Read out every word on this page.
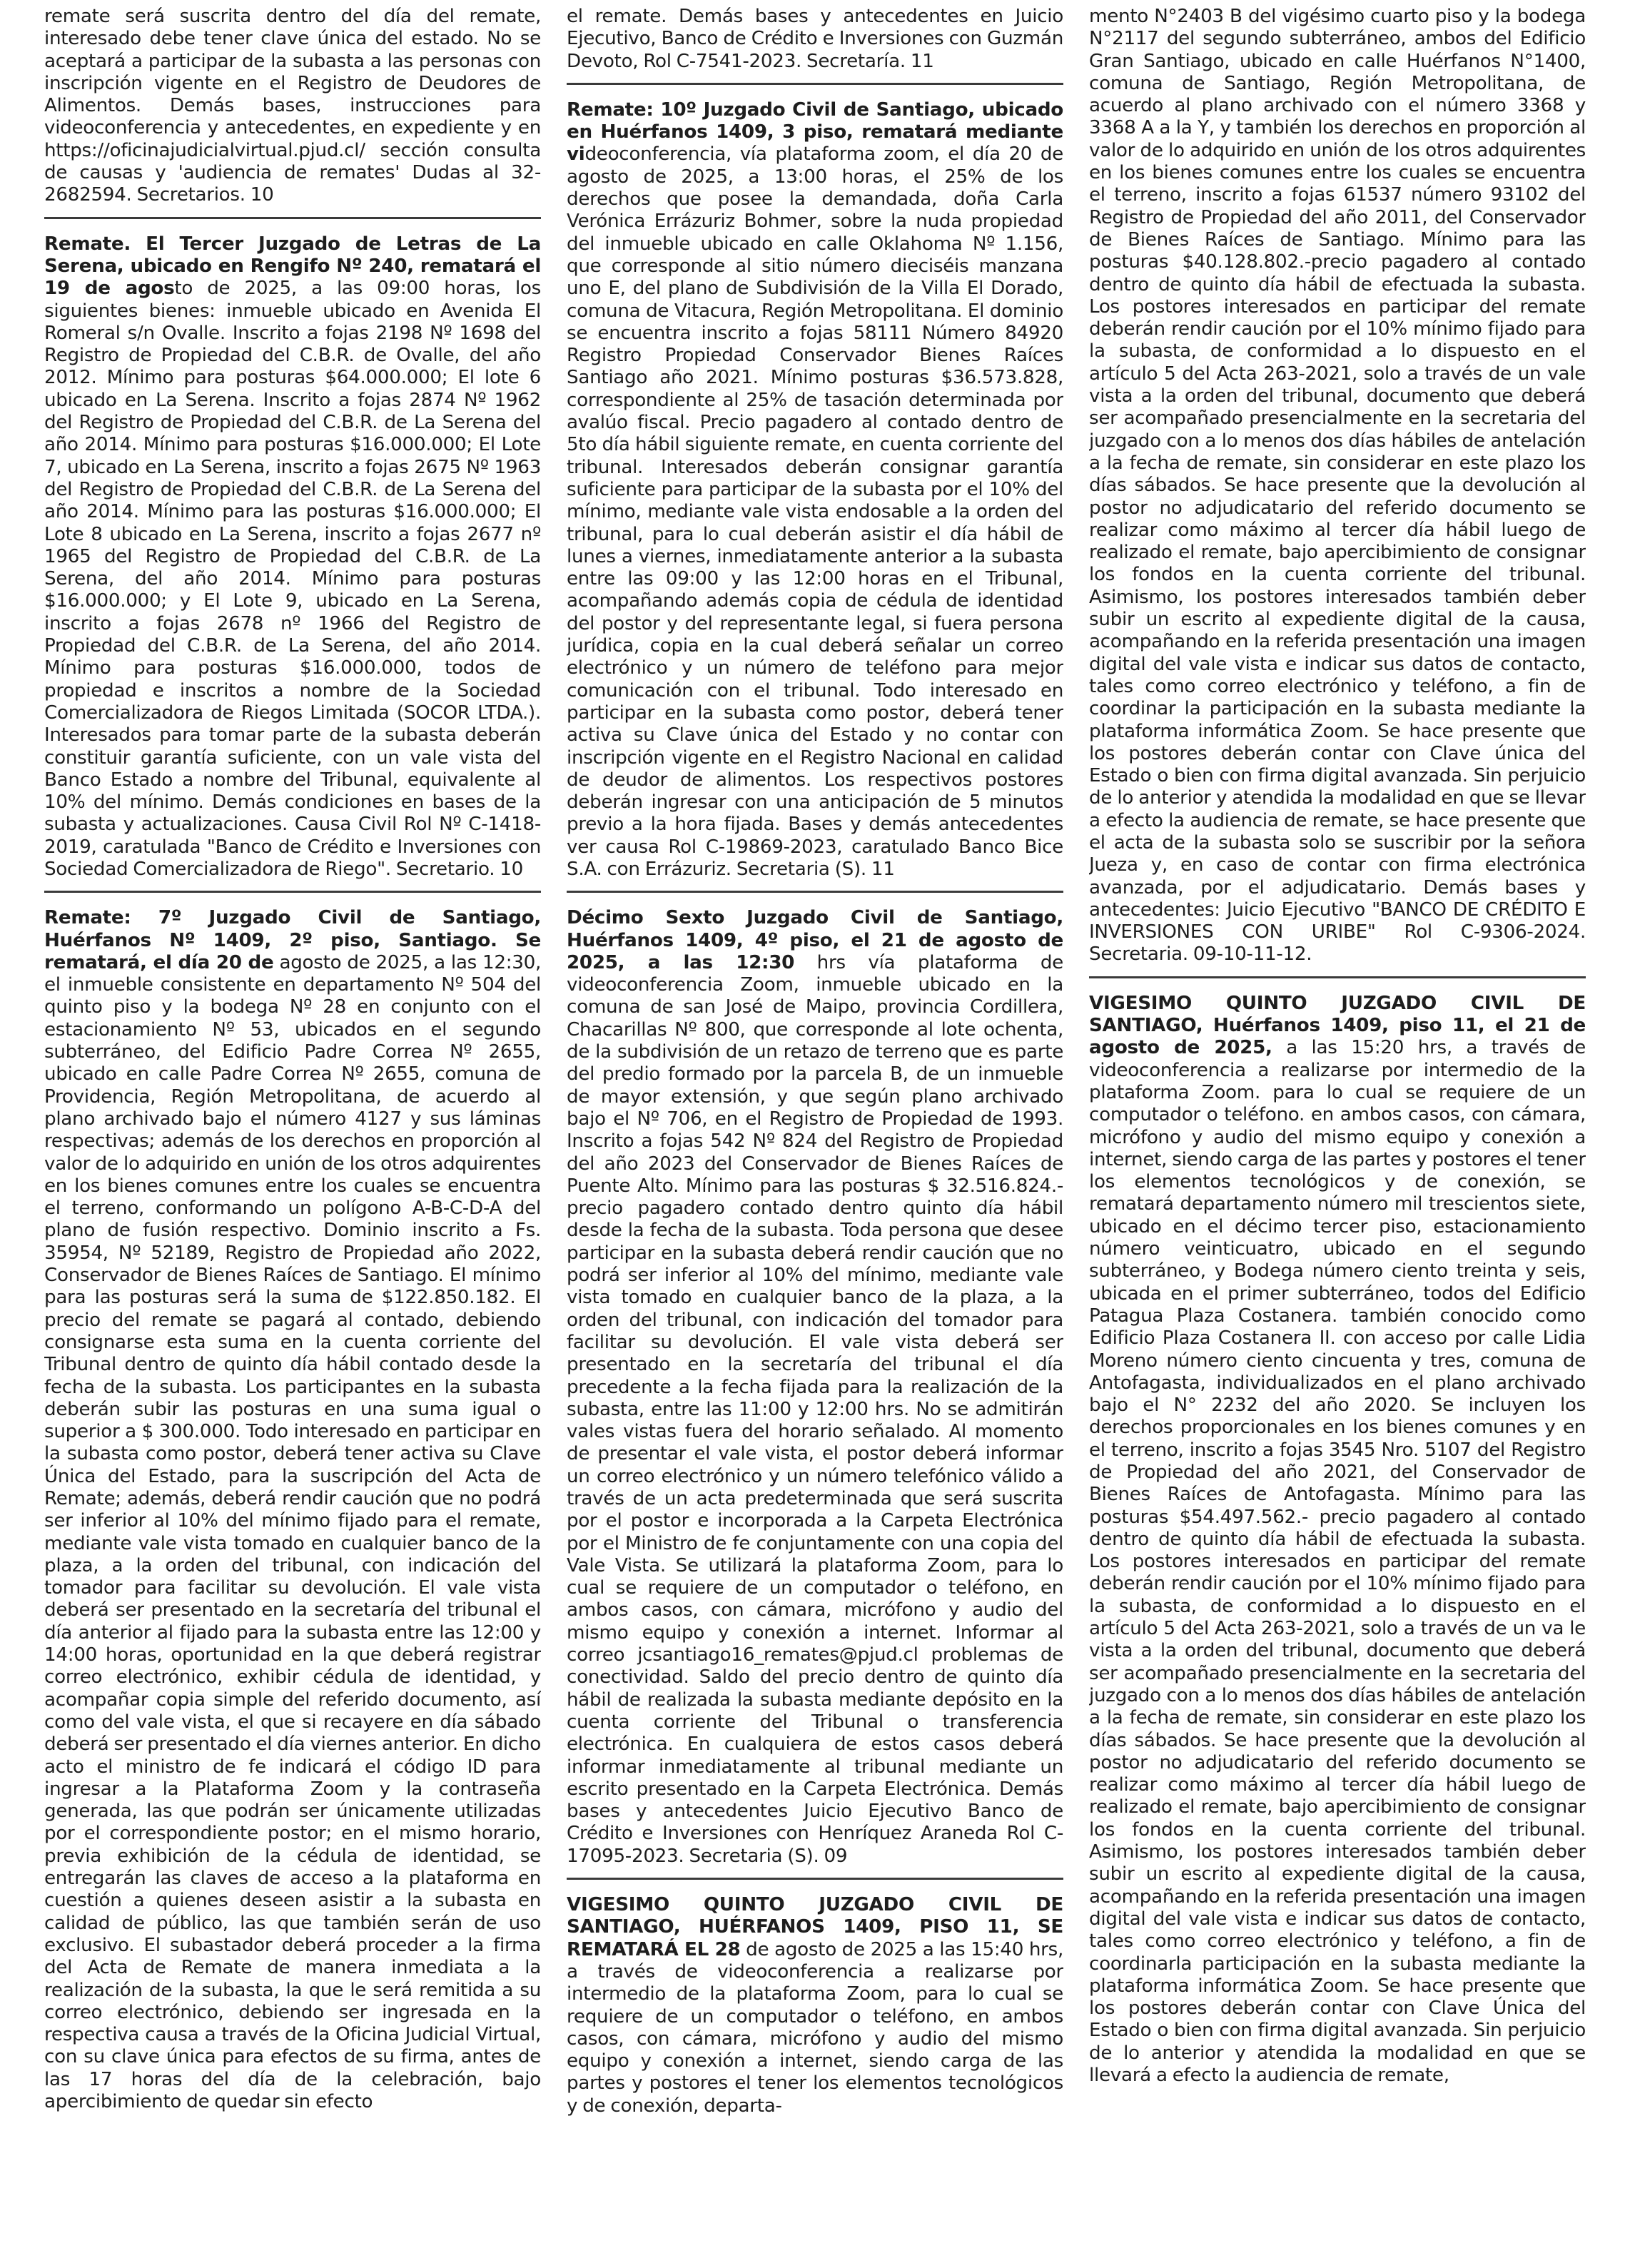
remate será suscrita dentro del día del remate, interesado debe tener clave única del estado. No se aceptará a participar de la subasta a las personas con inscripción vigente en el Registro de Deudores de Alimentos. Demás bases, instrucciones para videoconferencia y antecedentes, en expediente y en https://oficinajudicialvirtual.pjud.cl/ sección consulta de causas y 'audiencia de remates' Dudas al 32-2682594. Secretarios. 10

Remate. El Tercer Juzgado de Letras de La Serena, ubicado en Rengifo Nº 240, rematará el 19 de agosto de 2025, a las 09:00 horas, los siguientes bienes: inmueble ubicado en Avenida El Romeral s/n Ovalle. Inscrito a fojas 2198 Nº 1698 del Registro de Propiedad del C.B.R. de Ovalle, del año 2012. Mínimo para posturas $64.000.000; El lote 6 ubicado en La Serena. Inscrito a fojas 2874 Nº 1962 del Registro de Propiedad del C.B.R. de La Serena del año 2014. Mínimo para posturas $16.000.000; El Lote 7, ubicado en La Serena, inscrito a fojas 2675 Nº 1963 del Registro de Propiedad del C.B.R. de La Serena del año 2014. Mínimo para las posturas $16.000.000; El Lote 8 ubicado en La Serena, inscrito a fojas 2677 nº 1965 del Registro de Propiedad del C.B.R. de La Serena, del año 2014. Mínimo para posturas $16.000.000; y El Lote 9, ubicado en La Serena, inscrito a fojas 2678 nº 1966 del Registro de Propiedad del C.B.R. de La Serena, del año 2014. Mínimo para posturas $16.000.000, todos de propiedad e inscritos a nombre de la Sociedad Comercializadora de Riegos Limitada (SOCOR LTDA.). Interesados para tomar parte de la subasta deberán constituir garantía suficiente, con un vale vista del Banco Estado a nombre del Tribunal, equivalente al 10% del mínimo. Demás condiciones en bases de la subasta y actualizaciones. Causa Civil Rol Nº C-1418-2019, caratulada "Banco de Crédito e Inversiones con Sociedad Comercializadora de Riego". Secretario. 10

Remate: 7º Juzgado Civil de Santiago, Huérfanos Nº 1409, 2º piso, Santiago. Se rematará, el día 20 de agosto de 2025, a las 12:30, el inmueble consistente en departamento Nº 504 del quinto piso y la bodega Nº 28 en conjunto con el estacionamiento Nº 53, ubicados en el segundo subterráneo, del Edificio Padre Correa Nº 2655, ubicado en calle Padre Correa Nº 2655, comuna de Providencia, Región Metropolitana, de acuerdo al plano archivado bajo el número 4127 y sus láminas respectivas; además de los derechos en proporción al valor de lo adquirido en unión de los otros adquirentes en los bienes comunes entre los cuales se encuentra el terreno, conformando un polígono A-B-C-D-A del plano de fusión respectivo. Dominio inscrito a Fs. 35954, Nº 52189, Registro de Propiedad año 2022, Conservador de Bienes Raíces de Santiago. El mínimo para las posturas será la suma de $122.850.182. El precio del remate se pagará al contado, debiendo consignarse esta suma en la cuenta corriente del Tribunal dentro de quinto día hábil contado desde la fecha de la subasta. Los participantes en la subasta deberán subir las posturas en una suma igual o superior a $ 300.000. Todo interesado en participar en la subasta como postor, deberá tener activa su Clave Única del Estado, para la suscripción del Acta de Remate; además, deberá rendir caución que no podrá ser inferior al 10% del mínimo fijado para el remate, mediante vale vista tomado en cualquier banco de la plaza, a la orden del tribunal, con indicación del tomador para facilitar su devolución. El vale vista deberá ser presentado en la secretaría del tribunal el día anterior al fijado para la subasta entre las 12:00 y 14:00 horas, oportunidad en la que deberá registrar correo electrónico, exhibir cédula de identidad, y acompañar copia simple del referido documento, así como del vale vista, el que si recayere en día sábado deberá ser presentado el día viernes anterior. En dicho acto el ministro de fe indicará el código ID para ingresar a la Plataforma Zoom y la contraseña generada, las que podrán ser únicamente utilizadas por el correspondiente postor; en el mismo horario, previa exhibición de la cédula de identidad, se entregarán las claves de acceso a la plataforma en cuestión a quienes deseen asistir a la subasta en calidad de público, las que también serán de uso exclusivo. El subastador deberá proceder a la firma del Acta de Remate de manera inmediata a la realización de la subasta, la que le será remitida a su correo electrónico, debiendo ser ingresada en la respectiva causa a través de la Oficina Judicial Virtual, con su clave única para efectos de su firma, antes de las 17 horas del día de la celebración, bajo apercibimiento de quedar sin efecto

el remate. Demás bases y antecedentes en Juicio Ejecutivo, Banco de Crédito e Inversiones con Guzmán Devoto, Rol C-7541-2023. Secretaría. 11

Remate: 10º Juzgado Civil de Santiago, ubicado en Huérfanos 1409, 3 piso, rematará mediante videoconferencia, vía plataforma zoom, el día 20 de agosto de 2025, a 13:00 horas, el 25% de los derechos que posee la demandada, doña Carla Verónica Errázuriz Bohmer, sobre la nuda propiedad del inmueble ubicado en calle Oklahoma Nº 1.156, que corresponde al sitio número dieciséis manzana uno E, del plano de Subdivisión de la Villa El Dorado, comuna de Vitacura, Región Metropolitana. El dominio se encuentra inscrito a fojas 58111 Número 84920 Registro Propiedad Conservador Bienes Raíces Santiago año 2021. Mínimo posturas $36.573.828, correspondiente al 25% de tasación determinada por avalúo fiscal. Precio pagadero al contado dentro de 5to día hábil siguiente remate, en cuenta corriente del tribunal. Interesados deberán consignar garantía suficiente para participar de la subasta por el 10% del mínimo, mediante vale vista endosable a la orden del tribunal, para lo cual deberán asistir el día hábil de lunes a viernes, inmediatamente anterior a la subasta entre las 09:00 y las 12:00 horas en el Tribunal, acompañando además copia de cédula de identidad del postor y del representante legal, si fuera persona jurídica, copia en la cual deberá señalar un correo electrónico y un número de teléfono para mejor comunicación con el tribunal. Todo interesado en participar en la subasta como postor, deberá tener activa su Clave única del Estado y no contar con inscripción vigente en el Registro Nacional en calidad de deudor de alimentos. Los respectivos postores deberán ingresar con una anticipación de 5 minutos previo a la hora fijada. Bases y demás antecedentes ver causa Rol C-19869-2023, caratulado Banco Bice S.A. con Errázuriz. Secretaria (S). 11

Décimo Sexto Juzgado Civil de Santiago, Huérfanos 1409, 4º piso, el 21 de agosto de 2025, a las 12:30 hrs vía plataforma de videoconferencia Zoom, inmueble ubicado en la comuna de san José de Maipo, provincia Cordillera, Chacarillas Nº 800, que corresponde al lote ochenta, de la subdivisión de un retazo de terreno que es parte del predio formado por la parcela B, de un inmueble de mayor extensión, y que según plano archivado bajo el Nº 706, en el Registro de Propiedad de 1993. Inscrito a fojas 542 Nº 824 del Registro de Propiedad del año 2023 del Conservador de Bienes Raíces de Puente Alto. Mínimo para las posturas $ 32.516.824.- precio pagadero contado dentro quinto día hábil desde la fecha de la subasta. Toda persona que desee participar en la subasta deberá rendir caución que no podrá ser inferior al 10% del mínimo, mediante vale vista tomado en cualquier banco de la plaza, a la orden del tribunal, con indicación del tomador para facilitar su devolución. El vale vista deberá ser presentado en la secretaría del tribunal el día precedente a la fecha fijada para la realización de la subasta, entre las 11:00 y 12:00 hrs. No se admitirán vales vistas fuera del horario señalado. Al momento de presentar el vale vista, el postor deberá informar un correo electrónico y un número telefónico válido a través de un acta predeterminada que será suscrita por el postor e incorporada a la Carpeta Electrónica por el Ministro de fe conjuntamente con una copia del Vale Vista. Se utilizará la plataforma Zoom, para lo cual se requiere de un computador o teléfono, en ambos casos, con cámara, micrófono y audio del mismo equipo y conexión a internet. Informar al correo jcsantiago16_remates@pjud.cl problemas de conectividad. Saldo del precio dentro de quinto día hábil de realizada la subasta mediante depósito en la cuenta corriente del Tribunal o transferencia electrónica. En cualquiera de estos casos deberá informar inmediatamente al tribunal mediante un escrito presentado en la Carpeta Electrónica. Demás bases y antecedentes Juicio Ejecutivo Banco de Crédito e Inversiones con Henríquez Araneda Rol C-17095-2023. Secretaria (S). 09

VIGESIMO QUINTO JUZGADO CIVIL DE SANTIAGO, HUÉRFANOS 1409, PISO 11, SE REMATARÁ EL 28 de agosto de 2025 a las 15:40 hrs, a través de videoconferencia a realizarse por intermedio de la plataforma Zoom, para lo cual se requiere de un computador o teléfono, en ambos casos, con cámara, micrófono y audio del mismo equipo y conexión a internet, siendo carga de las partes y postores el tener los elementos tecnológicos y de conexión, departa-

mento N°2403 B del vigésimo cuarto piso y la bodega N°2117 del segundo subterráneo, ambos del Edificio Gran Santiago, ubicado en calle Huérfanos N°1400, comuna de Santiago, Región Metropolitana, de acuerdo al plano archivado con el número 3368 y 3368 A a la Y, y también los derechos en proporción al valor de lo adquirido en unión de los otros adquirentes en los bienes comunes entre los cuales se encuentra el terreno, inscrito a fojas 61537 número 93102 del Registro de Propiedad del año 2011, del Conservador de Bienes Raíces de Santiago. Mínimo para las posturas $40.128.802.-precio pagadero al contado dentro de quinto día hábil de efectuada la subasta. Los postores interesados en participar del remate deberán rendir caución por el 10% mínimo fijado para la subasta, de conformidad a lo dispuesto en el artículo 5 del Acta 263-2021, solo a través de un vale vista a la orden del tribunal, documento que deberá ser acompañado presencialmente en la secretaria del juzgado con a lo menos dos días hábiles de antelación a la fecha de remate, sin considerar en este plazo los días sábados. Se hace presente que la devolución al postor no adjudicatario del referido documento se realizar como máximo al tercer día hábil luego de realizado el remate, bajo apercibimiento de consignar los fondos en la cuenta corriente del tribunal. Asimismo, los postores interesados también deber subir un escrito al expediente digital de la causa, acompañando en la referida presentación una imagen digital del vale vista e indicar sus datos de contacto, tales como correo electrónico y teléfono, a fin de coordinar la participación en la subasta mediante la plataforma informática Zoom. Se hace presente que los postores deberán contar con Clave única del Estado o bien con firma digital avanzada. Sin perjuicio de lo anterior y atendida la modalidad en que se llevar a efecto la audiencia de remate, se hace presente que el acta de la subasta solo se suscribir por la señora Jueza y, en caso de contar con firma electrónica avanzada, por el adjudicatario. Demás bases y antecedentes: Juicio Ejecutivo "BANCO DE CRÉDITO E INVERSIONES CON URIBE" Rol C-9306-2024. Secretaria. 09-10-11-12.

VIGESIMO QUINTO JUZGADO CIVIL DE SANTIAGO, Huérfanos 1409, piso 11, el 21 de agosto de 2025, a las 15:20 hrs, a través de videoconferencia a realizarse por intermedio de la plataforma Zoom. para lo cual se requiere de un computador o teléfono. en ambos casos, con cámara, micrófono y audio del mismo equipo y conexión a internet, siendo carga de las partes y postores el tener los elementos tecnológicos y de conexión, se rematará departamento número mil trescientos siete, ubicado en el décimo tercer piso, estacionamiento número veinticuatro, ubicado en el segundo subterráneo, y Bodega número ciento treinta y seis, ubicada en el primer subterráneo, todos del Edificio Patagua Plaza Costanera. también conocido como Edificio Plaza Costanera II. con acceso por calle Lidia Moreno número ciento cincuenta y tres, comuna de Antofagasta, individualizados en el plano archivado bajo el N° 2232 del año 2020. Se incluyen los derechos proporcionales en los bienes comunes y en el terreno, inscrito a fojas 3545 Nro. 5107 del Registro de Propiedad del año 2021, del Conservador de Bienes Raíces de Antofagasta. Mínimo para las posturas $54.497.562.- precio pagadero al contado dentro de quinto día hábil de efectuada la subasta. Los postores interesados en participar del remate deberán rendir caución por el 10% mínimo fijado para la subasta, de conformidad a lo dispuesto en el artículo 5 del Acta 263-2021, solo a través de un va le vista a la orden del tribunal, documento que deberá ser acompañado presencialmente en la secretaria del juzgado con a lo menos dos días hábiles de antelación a la fecha de remate, sin considerar en este plazo los días sábados. Se hace presente que la devolución al postor no adjudicatario del referido documento se realizar como máximo al tercer día hábil luego de realizado el remate, bajo apercibimiento de consignar los fondos en la cuenta corriente del tribunal. Asimismo, los postores interesados también deber subir un escrito al expediente digital de la causa, acompañando en la referida presentación una imagen digital del vale vista e indicar sus datos de contacto, tales como correo electrónico y teléfono, a fin de coordinarla participación en la subasta mediante la plataforma informática Zoom. Se hace presente que los postores deberán contar con Clave Única del Estado o bien con firma digital avanzada. Sin perjuicio de lo anterior y atendida la modalidad en que se llevará a efecto la audiencia de remate,
